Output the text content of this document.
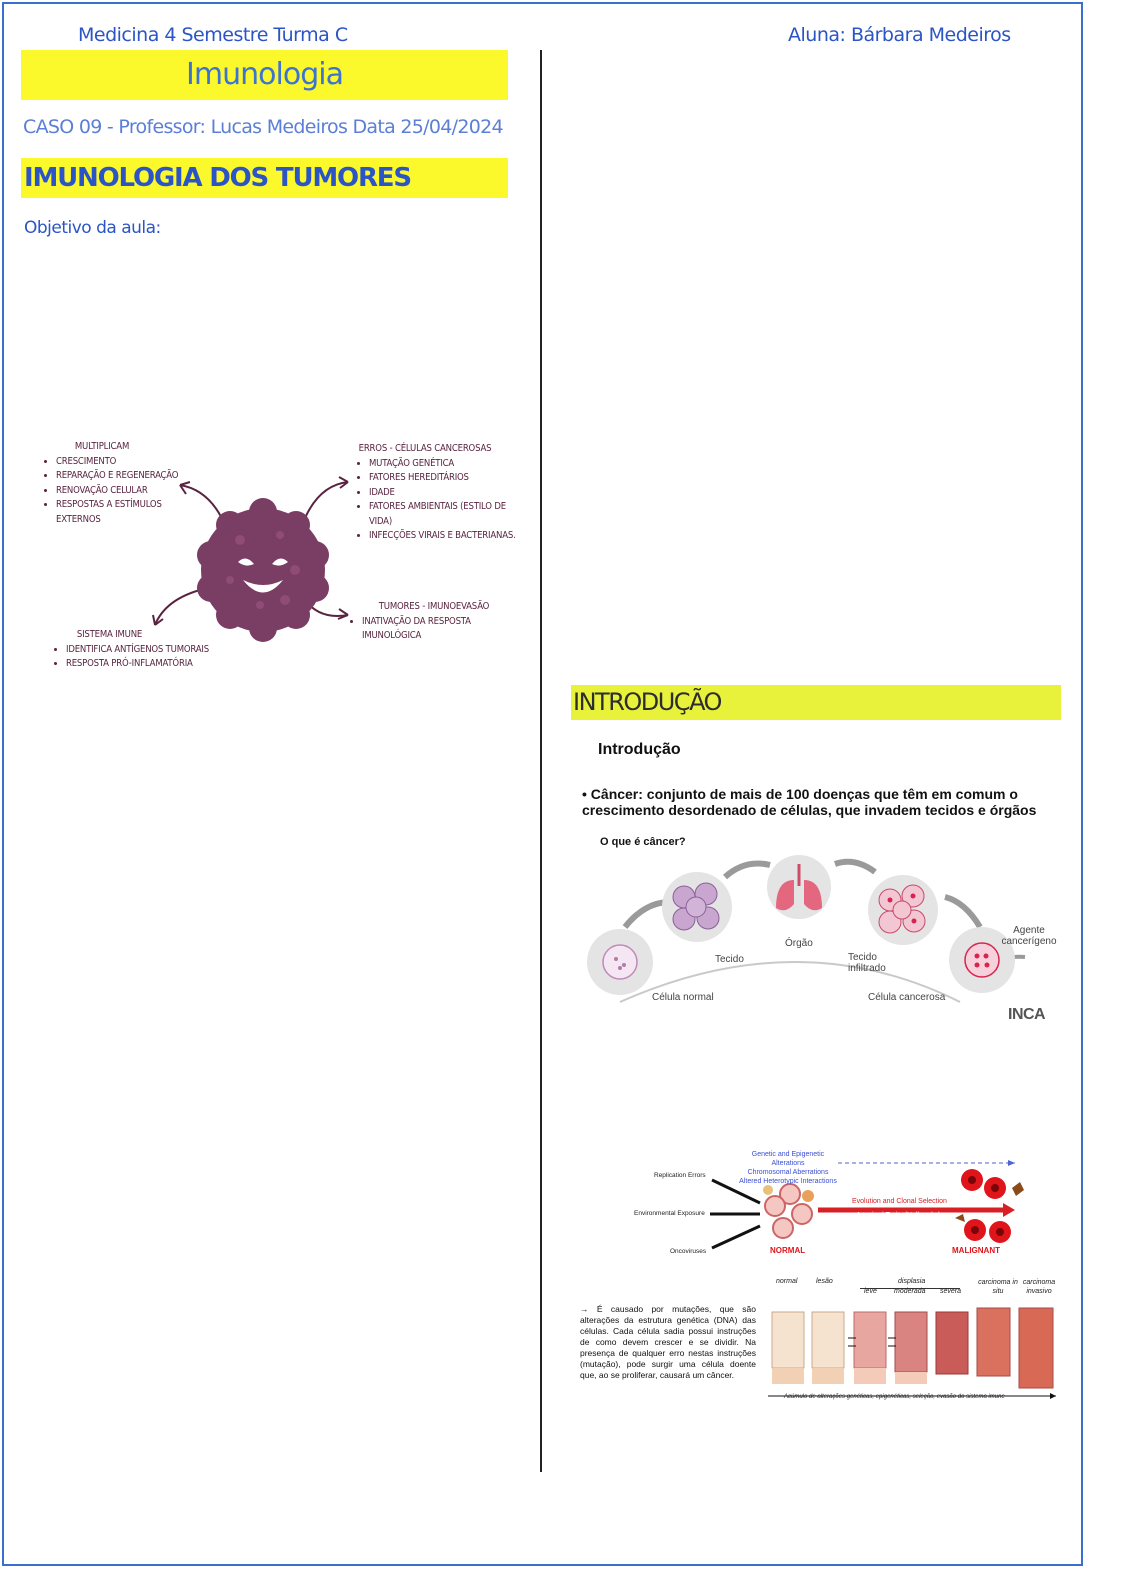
Medicina 4 Semestre Turma C	Aluna: Bárbara Medeiros
Imunologia
CASO 09 - Professor: Lucas Medeiros Data 25/04/2024
IMUNOLOGIA DOS TUMORES
Objetivo da aula:
MULTIPLICAM
• CRESCIMENTO
• REPARAÇÃO E REGENERAÇÃO
• RENOVAÇÃO CELULAR
• RESPOSTAS A ESTÍMULOS EXTERNOS
ERROS - CÉLULAS CANCEROSAS
• MUTAÇÃO GENÉTICA
• FATORES HEREDITÁRIOS
• IDADE
• FATORES AMBIENTAIS (ESTILO DE VIDA)
• INFECÇÕES VIRAIS E BACTERIANAS.
TUMORES - IMUNOEVASÃO
• INATIVAÇÃO DA RESPOSTA IMUNOLÓGICA
SISTEMA IMUNE
• IDENTIFICA ANTÍGENOS TUMORAIS
• RESPOSTA PRÓ-INFLAMATÓRIA
INTRODUÇÃO
Introdução
• Câncer: conjunto de mais de 100 doenças que têm em comum o crescimento desordenado de células, que invadem tecidos e órgãos
O que é câncer?
Célula normal
Tecido
Órgão
Tecido infiltrado
Célula cancerosa
Agente cancerígeno
INCA
Genetic and Epigenetic Alterations
Chromosomal Aberrations
Altered Heterotypic Interactions
Replication Errors
Environmental Exposure
Oncoviruses
Evolution and Clonal Selection
Acquired Traits (Hallmarks)
NORMAL	MALIGNANT
→ É causado por mutações, que são alterações da estrutura genética (DNA) das células. Cada célula sadia possui instruções de como devem crescer e se dividir. Na presença de qualquer erro nestas instruções (mutação), pode surgir uma célula doente que, ao se proliferar, causará um câncer.
normal	lesão	displasia
leve moderada severa
carcinoma in situ
carcinoma invasivo
Acúmulo de alterações genéticas, epigenéticas, seleção, evasão do sistema imune
